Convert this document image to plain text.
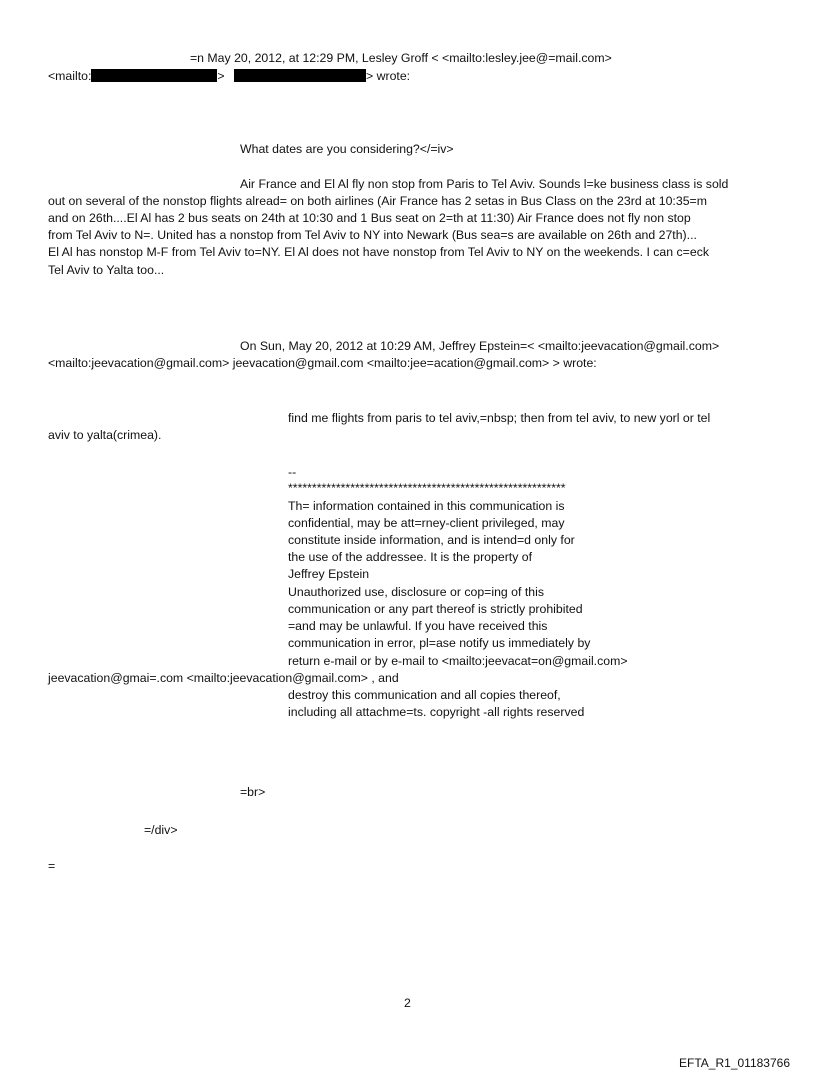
=n May 20, 2012, at 12:29 PM, Lesley Groff < <mailto:lesley.jee@=mail.com>
<mailto:	>	> wrote:
What dates are you considering?</=iv>
Air France and El Al fly non stop from Paris to Tel Aviv. Sounds l=ke business class is sold
out on several of the nonstop flights alread= on both airlines (Air France has 2 setas in Bus Class on the 23rd at 10:35=m
and on 26th....El Al has 2 bus seats on 24th at 10:30 and 1 Bus seat on 2=th at 11:30) Air France does not fly non stop
from Tel Aviv to N=. United has a nonstop from Tel Aviv to NY into Newark (Bus sea=s are available on 26th and 27th)...
El Al has nonstop M-F from Tel Aviv to=NY. El Al does not have nonstop from Tel Aviv to NY on the weekends. I can c=eck
Tel Aviv to Yalta too...
On Sun, May 20, 2012 at 10:29 AM, Jeffrey Epstein=< <mailto:jeevacation@gmail.com>
<mailto:jeevacation@gmail.com> jeevacation@gmail.com <mailto:jee=acation@gmail.com> > wrote:
find me flights from paris to tel aviv,=nbsp; then from tel aviv, to new yorl or tel
aviv to yalta(crimea).
--
**********************************************************
Th= information contained in this communication is
confidential, may be att=rney-client privileged, may
constitute inside information, and is intend=d only for
the use of the addressee. It is the property of
Jeffrey Epstein
Unauthorized use, disclosure or cop=ing of this
communication or any part thereof is strictly prohibited
=and may be unlawful. If you have received this
communication in error, pl=ase notify us immediately by
return e-mail or by e-mail to <mailto:jeevacat=on@gmail.com>
jeevacation@gmai=.com <mailto:jeevacation@gmail.com> , and
destroy this communication and all copies thereof,
including all attachme=ts. copyright -all rights reserved
=br>
=/div>
=
2
EFTA_R1_01183766
